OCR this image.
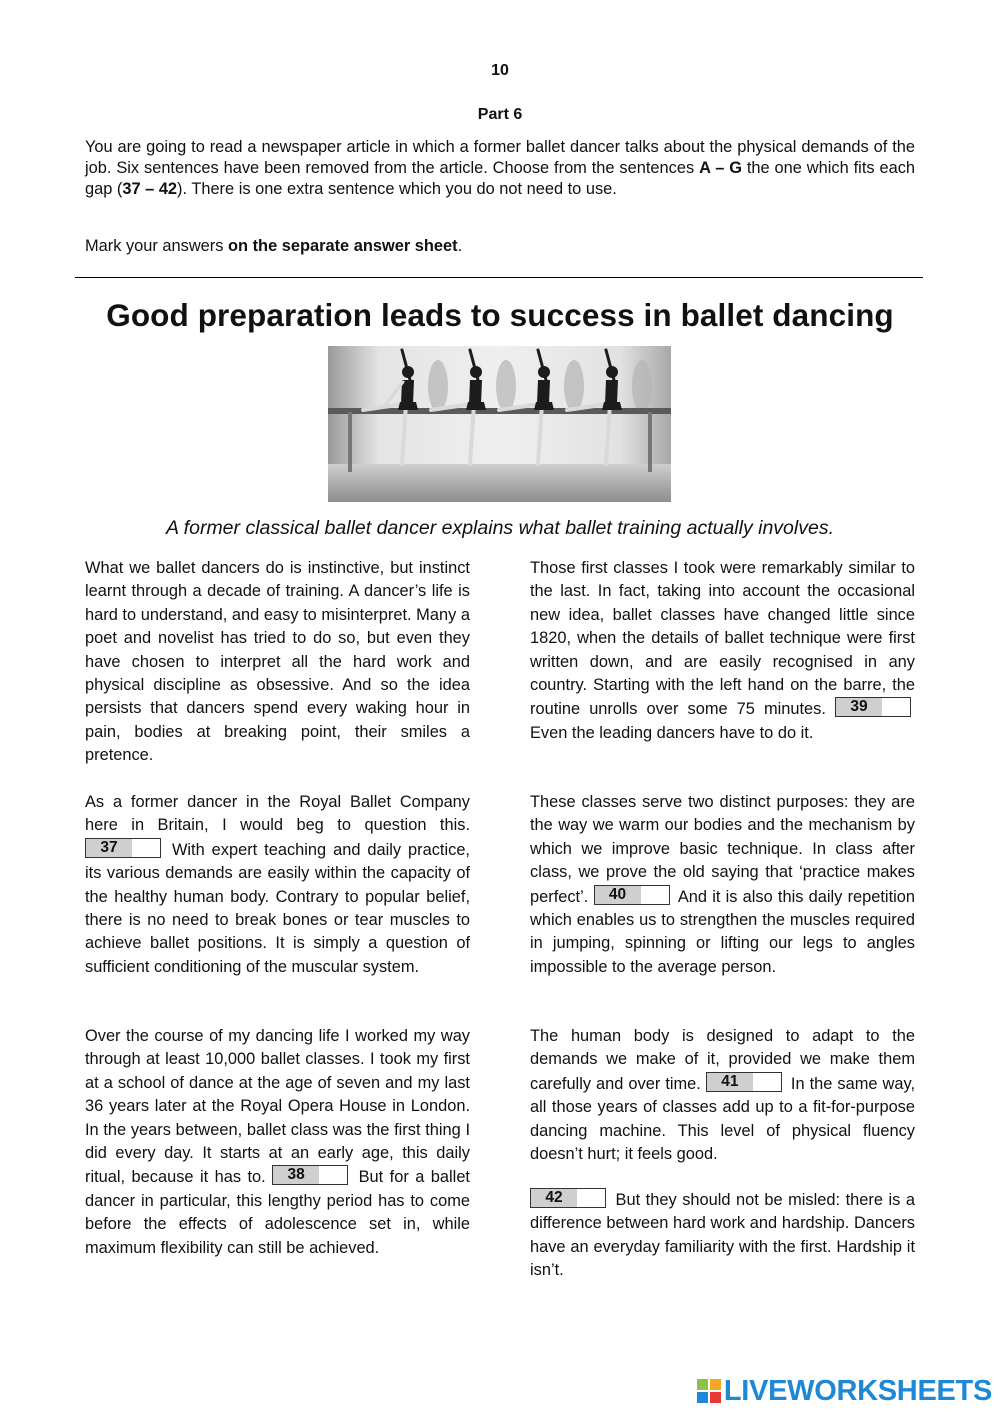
10
Part 6
You are going to read a newspaper article in which a former ballet dancer talks about the physical demands of the job. Six sentences have been removed from the article. Choose from the sentences A – G the one which fits each gap (37 – 42). There is one extra sentence which you do not need to use.
Mark your answers on the separate answer sheet.
Good preparation leads to success in ballet dancing
A former classical ballet dancer explains what ballet training actually involves.
What we ballet dancers do is instinctive, but instinct learnt through a decade of training. A dancer’s life is hard to understand, and easy to misinterpret. Many a poet and novelist has tried to do so, but even they have chosen to interpret all the hard work and physical discipline as obsessive. And so the idea persists that dancers spend every waking hour in pain, bodies at breaking point, their smiles a pretence.
As a former dancer in the Royal Ballet Company here in Britain, I would beg to question this.
37	With expert teaching and daily practice, its various demands are easily within the capacity of the healthy human body. Contrary to popular belief, there is no need to break bones or tear muscles to achieve ballet positions. It is simply a question of sufficient conditioning of the muscular system.
Over the course of my dancing life I worked my way through at least 10,000 ballet classes. I took my first at a school of dance at the age of seven and my last 36 years later at the Royal Opera House in London. In the years between, ballet class was the first thing I did every day. It starts at an early age, this daily ritual, because it has to.	38	But for a ballet dancer in particular, this lengthy period has to come before the effects of adolescence set in, while maximum flexibility can still be achieved.
Those first classes I took were remarkably similar to the last. In fact, taking into account the occasional new idea, ballet classes have changed little since 1820, when the details of ballet technique were first written down, and are easily recognised in any country. Starting with the left hand on the barre, the routine unrolls over some 75 minutes.	39
Even the leading dancers have to do it.
These classes serve two distinct purposes: they are the way we warm our bodies and the mechanism by which we improve basic technique. In class after class, we prove the old saying that ‘practice makes perfect’.	40	And it is also this daily repetition which enables us to strengthen the muscles required in jumping, spinning or lifting our legs to angles impossible to the average person.
The human body is designed to adapt to the demands we make of it, provided we make them carefully and over time.	41	In the same way, all those years of classes add up to a fit-for-purpose dancing machine. This level of physical fluency doesn’t hurt; it feels good.
42	But they should not be misled: there is a difference between hard work and hardship. Dancers have an everyday familiarity with the first. Hardship it isn’t.
LIVEWORKSHEETS
